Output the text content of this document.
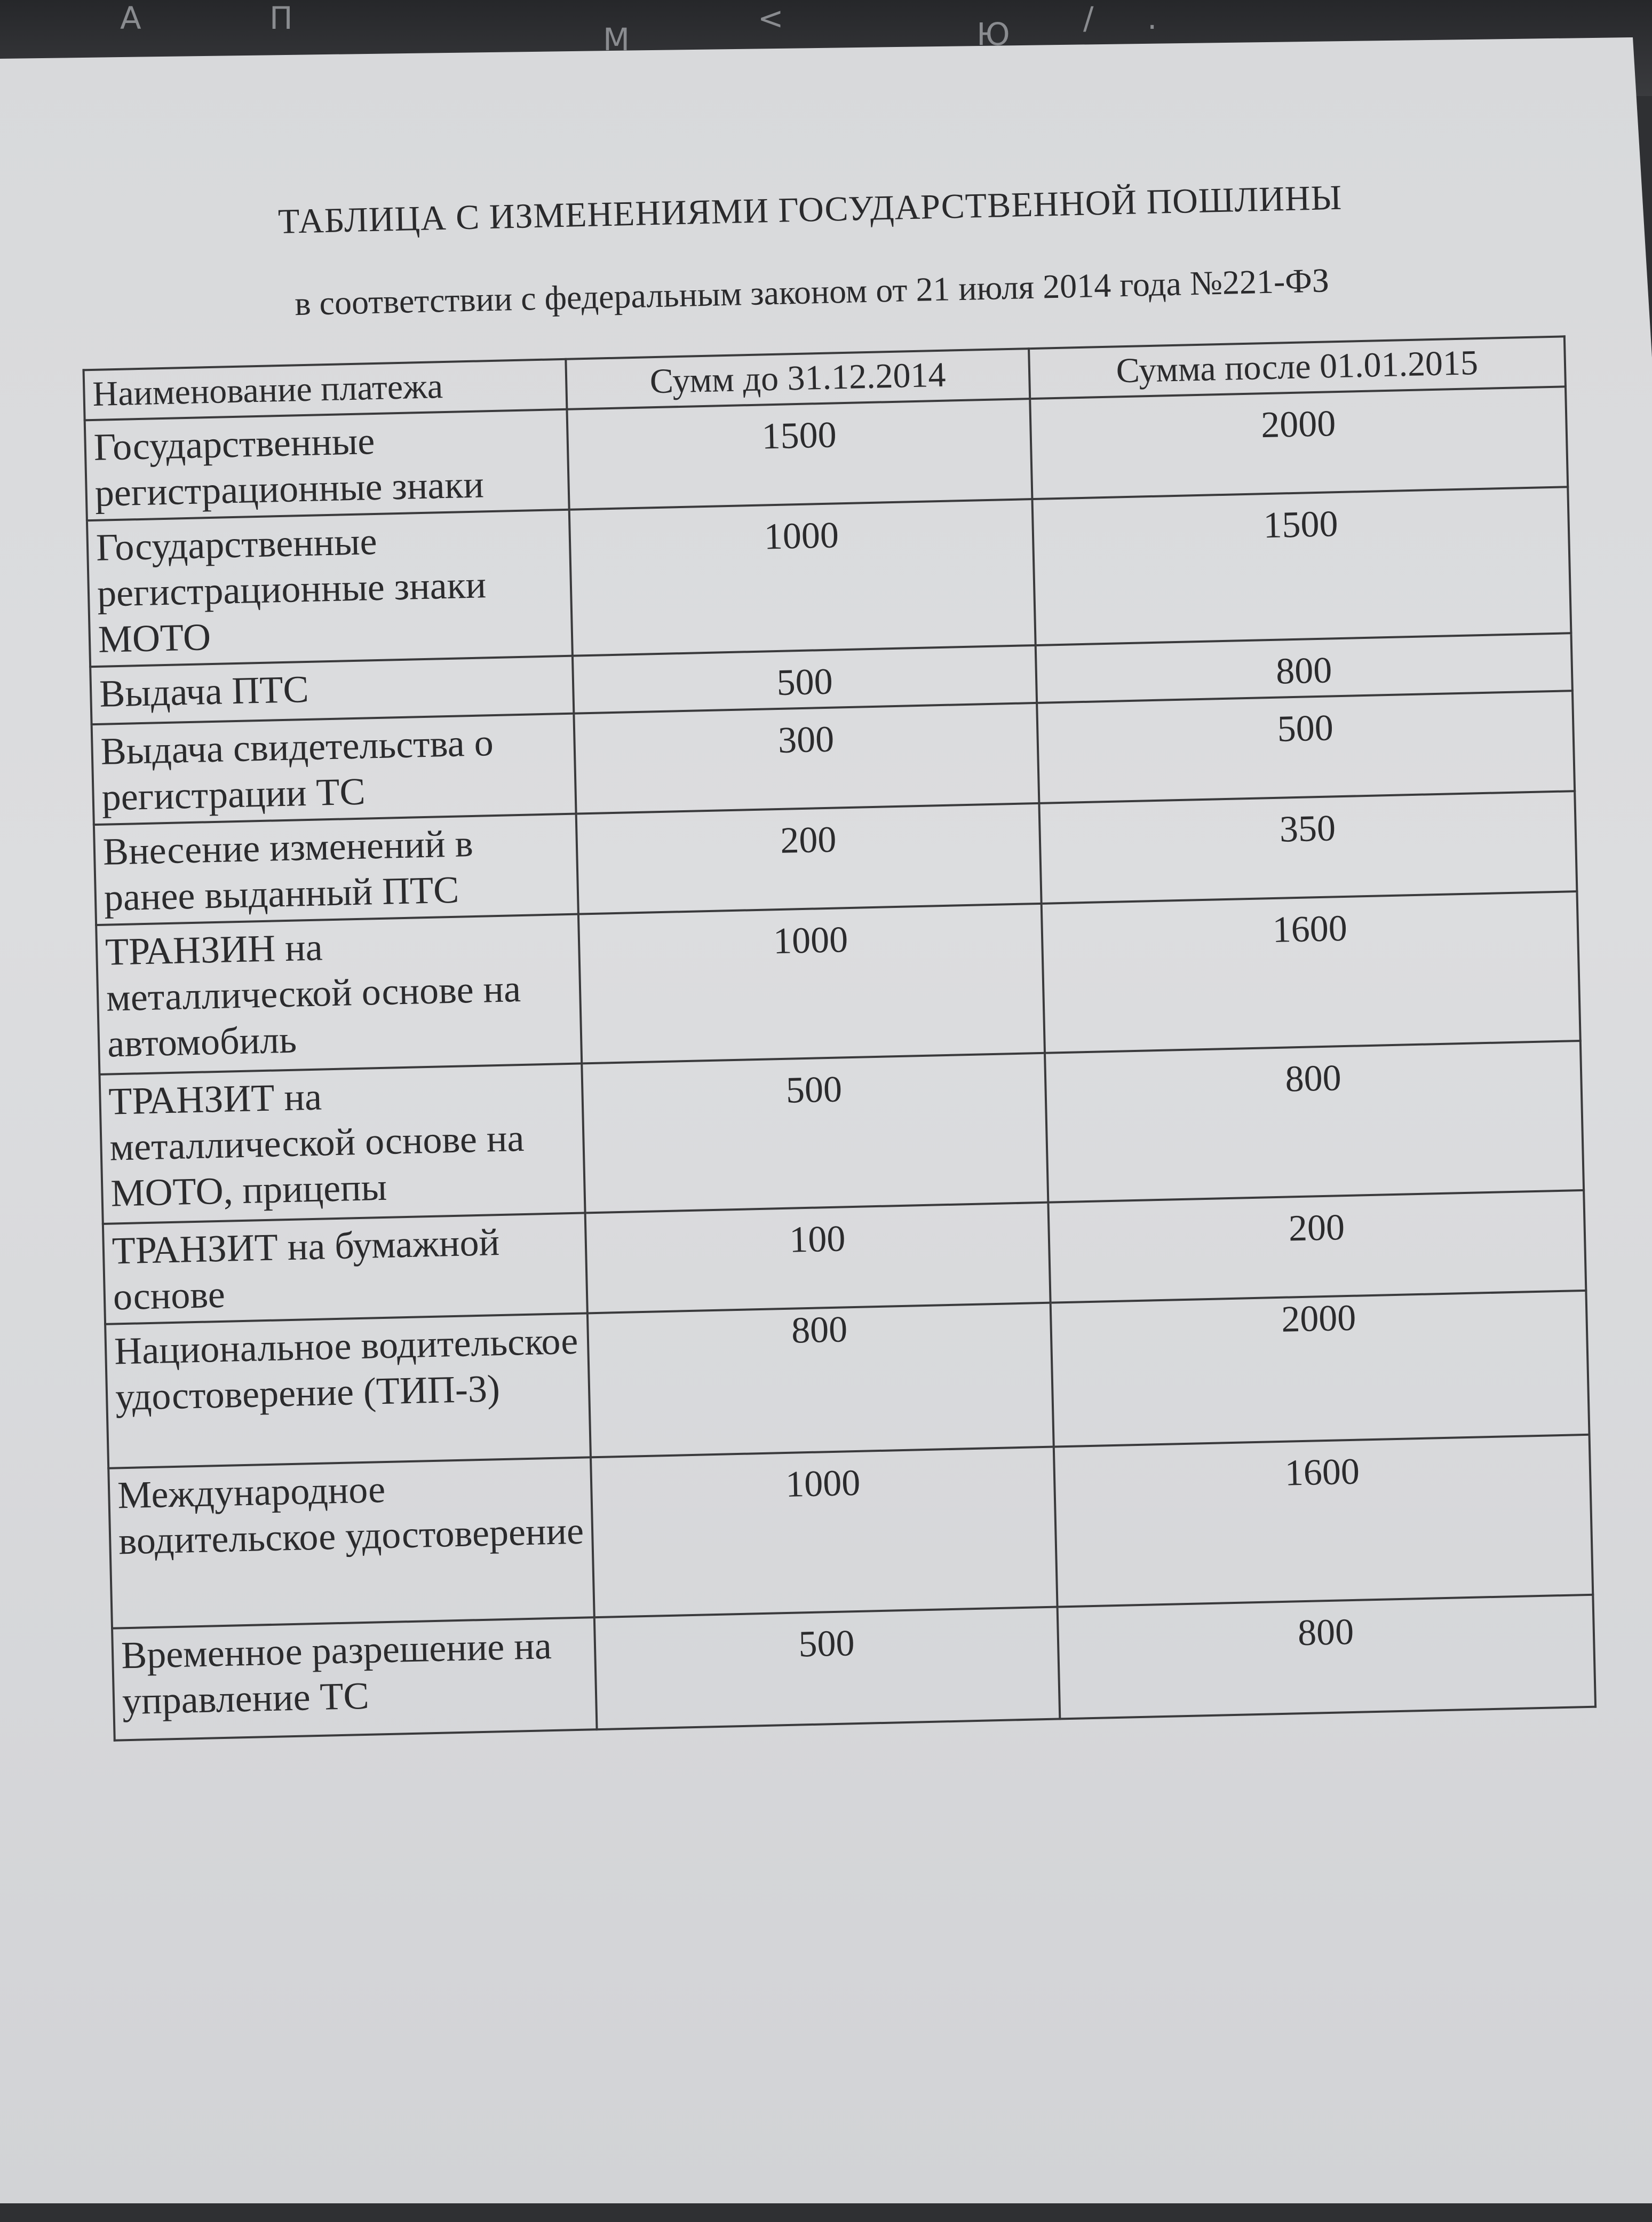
А	П
М
<	Ю / .
ТАБЛИЦА С ИЗМЕНЕНИЯМИ ГОСУДАРСТВЕННОЙ ПОШЛИНЫ
в соответствии с федеральным законом от 21 июля 2014 года №221-ФЗ
Наименование платежа	Сумм до 31.12.2014	Сумма после 01.01.2015
Государственные регистрационные знаки	1500	2000
Государственные регистрационные знаки МОТО	1000	1500
Выдача ПТС	500	800
Выдача свидетельства о регистрации ТС	300	500
Внесение изменений в ранее выданный ПТС	200	350
ТРАНЗИН на металлической основе на автомобиль	1000	1600
ТРАНЗИТ на металлической основе на МОТО, прицепы	500	800
ТРАНЗИТ на бумажной основе	100	200
Национальное водительское удостоверение (ТИП-3)	800	2000
Международное водительское удостоверение	1000	1600
Временное разрешение на управление ТС	500	800
